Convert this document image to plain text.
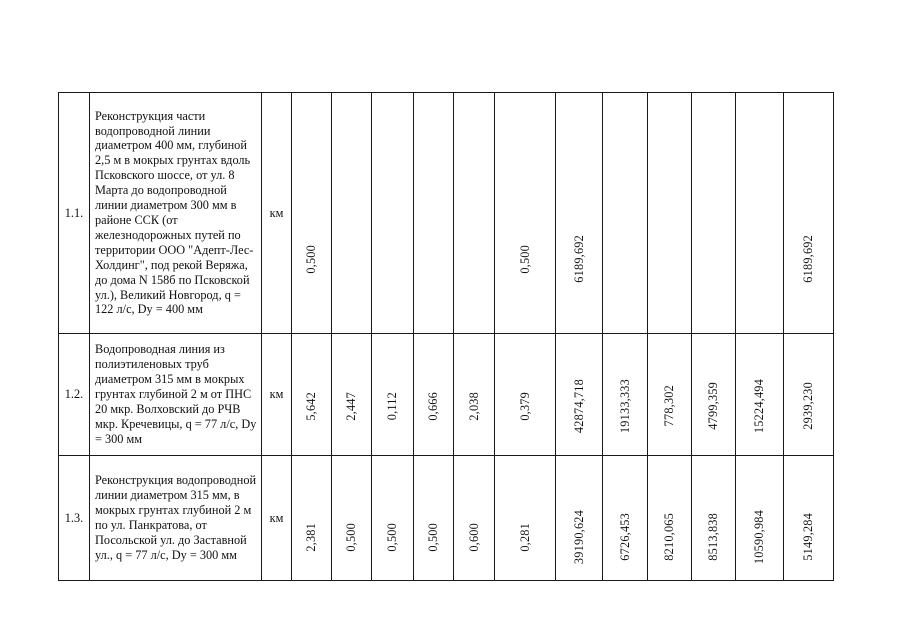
1.1.	Реконструкция части водопроводной линии диаметром 400 мм, глубиной 2,5 м в мокрых грунтах вдоль Псковского шоссе, от ул. 8 Марта до водопроводной линии диаметром 300 мм в районе ССК (от железнодорожных путей по территории ООО "Адепт-Лес-Холдинг", под рекой Веряжа, до дома N 158б по Псковской ул.), Великий Новгород, q = 122 л/с, Dy = 400 мм	км	0,500					0,500	6189,692					6189,692
1.2.	Водопроводная линия из полиэтиленовых труб диаметром 315 мм в мокрых грунтах глубиной 2 м от ПНС 20 мкр. Волховский до РЧВ мкр. Кречевицы, q = 77 л/с, Dy = 300 мм	км	5,642	2,447	0,112	0,666	2,038	0,379	42874,718	19133,333	778,302	4799,359	15224,494	2939,230
1.3.	Реконструкция водопроводной линии диаметром 315 мм, в мокрых грунтах глубиной 2 м по ул. Панкратова, от Посольской ул. до Заставной ул., q = 77 л/с, Dy = 300 мм	км	2,381	0,500	0,500	0,500	0,600	0,281	39190,624	6726,453	8210,065	8513,838	10590,984	5149,284
